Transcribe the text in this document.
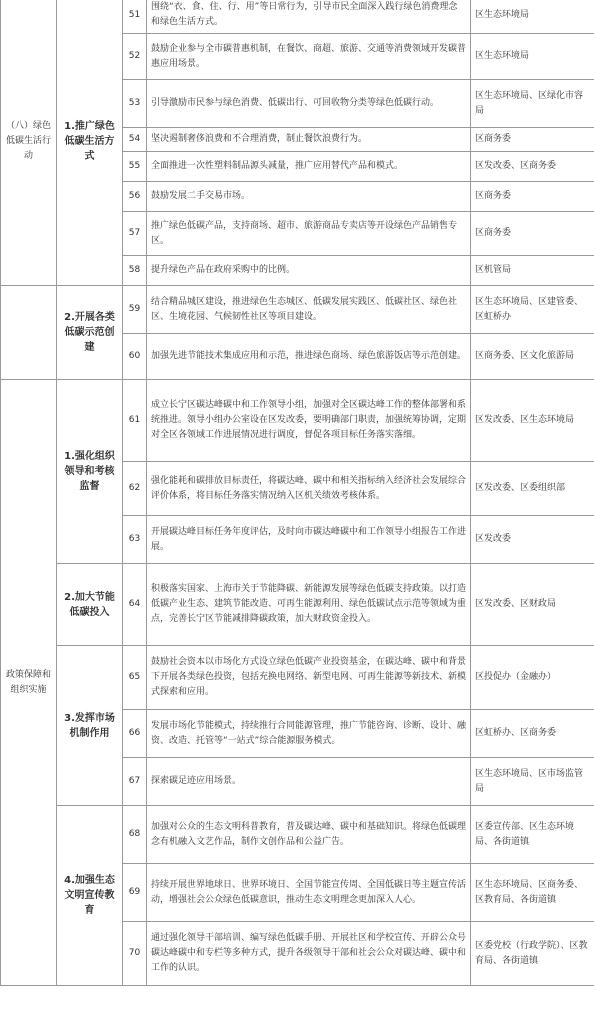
（八）绿色低碳生活行动	1.推广绿色低碳生活方式	51	围绕“衣、食、住、行、用”等日常行为，引导市民全面深入践行绿色消费理念和绿色生活方式。	区生态环境局
		52	鼓励企业参与全市碳普惠机制，在餐饮、商超、旅游、交通等消费领域开发碳普惠应用场景。	区生态环境局
		53	引导激励市民参与绿色消费、低碳出行、可回收物分类等绿色低碳行动。	区生态环境局、区绿化市容局
		54	坚决遏制奢侈浪费和不合理消费，制止餐饮浪费行为。	区商务委
		55	全面推进一次性塑料制品源头减量，推广应用替代产品和模式。	区发改委、区商务委
		56	鼓励发展二手交易市场。	区商务委
		57	推广绿色低碳产品，支持商场、超市、旅游商品专卖店等开设绿色产品销售专区。	区商务委
		58	提升绿色产品在政府采购中的比例。	区机管局
	2.开展各类低碳示范创建	59	结合精品城区建设，推进绿色生态城区、低碳发展实践区、低碳社区、绿色社区、生境花园、气候韧性社区等项目建设。	区生态环境局、区建管委、区虹桥办
		60	加强先进节能技术集成应用和示范，推进绿色商场、绿色旅游饭店等示范创建。	区商务委、区文化旅游局
政策保障和组织实施	1.强化组织领导和考核监督	61	成立长宁区碳达峰碳中和工作领导小组，加强对全区碳达峰工作的整体部署和系统推进。领导小组办公室设在区发改委，要明确部门职责，加强统筹协调，定期对全区各领域工作进展情况进行调度，督促各项目标任务落实落细。	区发改委、区生态环境局
		62	强化能耗和碳排放目标责任，将碳达峰、碳中和相关指标纳入经济社会发展综合评价体系，将目标任务落实情况纳入区机关绩效考核体系。	区发改委、区委组织部
		63	开展碳达峰目标任务年度评估，及时向市碳达峰碳中和工作领导小组报告工作进展。	区发改委
	2.加大节能低碳投入	64	积极落实国家、上海市关于节能降碳、新能源发展等绿色低碳支持政策。以打造低碳产业生态、建筑节能改造、可再生能源利用、绿色低碳试点示范等领域为重点，完善长宁区节能减排降碳政策，加大财政资金投入。	区发改委、区财政局
	3.发挥市场机制作用	65	鼓励社会资本以市场化方式设立绿色低碳产业投资基金，在碳达峰、碳中和背景下开展各类绿色投资，包括充换电网络、新型电网、可再生能源等新技术、新模式探索和应用。	区投促办（金融办）
		66	发展市场化节能模式，持续推行合同能源管理，推广节能咨询、诊断、设计、融资、改造、托管等“一站式”综合能源服务模式。	区虹桥办、区商务委
		67	探索碳足迹应用场景。	区生态环境局、区市场监管局
	4.加强生态文明宣传教育	68	加强对公众的生态文明科普教育，普及碳达峰、碳中和基础知识。将绿色低碳理念有机融入文艺作品，制作文创作品和公益广告。	区委宣传部、区生态环境局、各街道镇
		69	持续开展世界地球日、世界环境日、全国节能宣传周、全国低碳日等主题宣传活动，增强社会公众绿色低碳意识，推动生态文明理念更加深入人心。	区生态环境局、区商务委、区教育局、各街道镇
		70	通过强化领导干部培训、编写绿色低碳手册、开展社区和学校宣传、开辟公众号碳达峰碳中和专栏等多种方式，提升各级领导干部和社会公众对碳达峰、碳中和工作的认识。	区委党校（行政学院）、区教育局、各街道镇
